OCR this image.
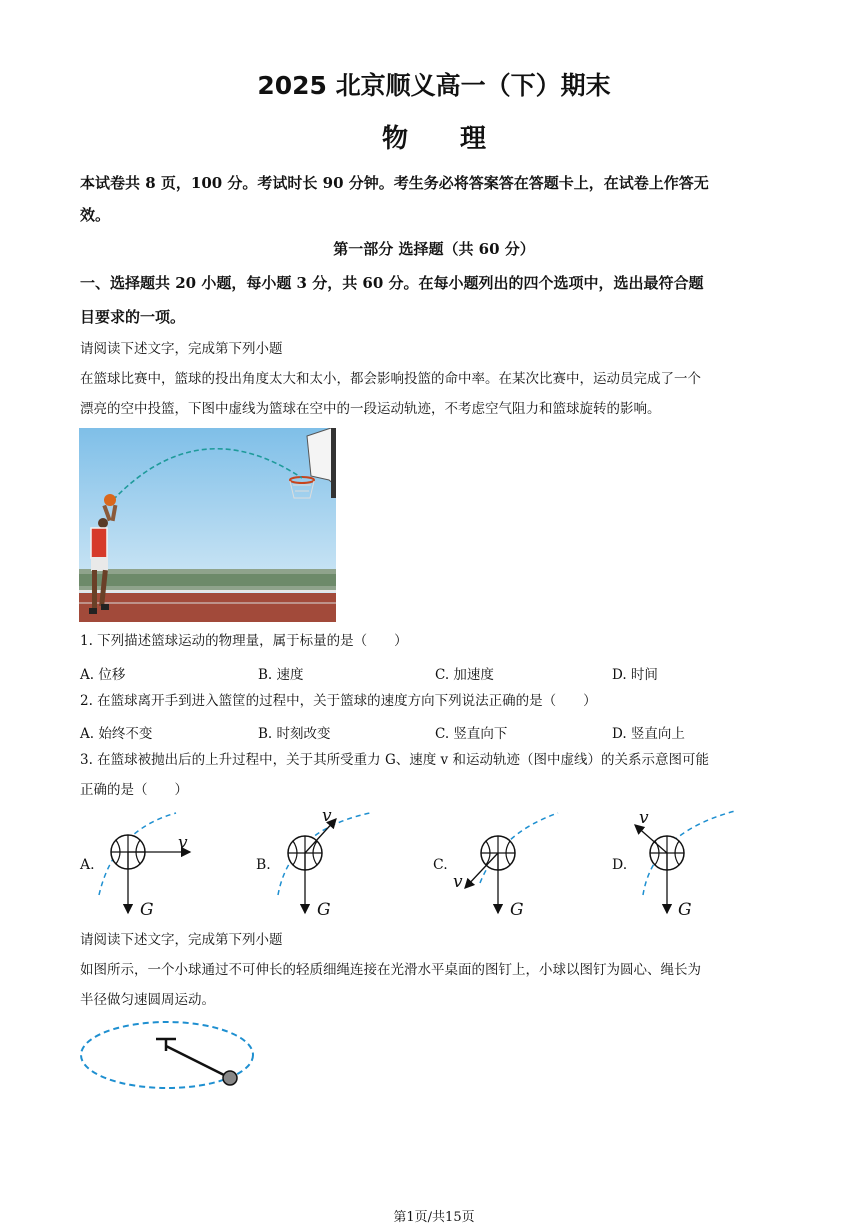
2025 北京顺义高一（下）期末
物　　理
本试卷共 8 页，100 分。考试时长 90 分钟。考生务必将答案答在答题卡上，在试卷上作答无
效。
第一部分 选择题（共 60 分）
一、选择题共 20 小题，每小题 3 分，共 60 分。在每小题列出的四个选项中，选出最符合题
目要求的一项。
请阅读下述文字，完成第下列小题
在篮球比赛中，篮球的投出角度太大和太小，都会影响投篮的命中率。在某次比赛中，运动员完成了一个
漂亮的空中投篮，下图中虚线为篮球在空中的一段运动轨迹，不考虑空气阻力和篮球旋转的影响。
1. 下列描述篮球运动的物理量，属于标量的是（　　）
A. 位移	B. 速度	C. 加速度	D. 时间
2. 在篮球离开手到进入篮筐的过程中，关于篮球的速度方向下列说法正确的是（　　）
A. 始终不变	B. 时刻改变	C. 竖直向下	D. 竖直向上
3. 在篮球被抛出后的上升过程中，关于其所受重力 G、速度 v 和运动轨迹（图中虚线）的关系示意图可能
正确的是（　　）
A.	B.	C.	D.
v
G
v
G
v
G
v
G
请阅读下述文字，完成第下列小题
如图所示，一个小球通过不可伸长的轻质细绳连接在光滑水平桌面的图钉上，小球以图钉为圆心、绳长为
半径做匀速圆周运动。
第1页/共15页
